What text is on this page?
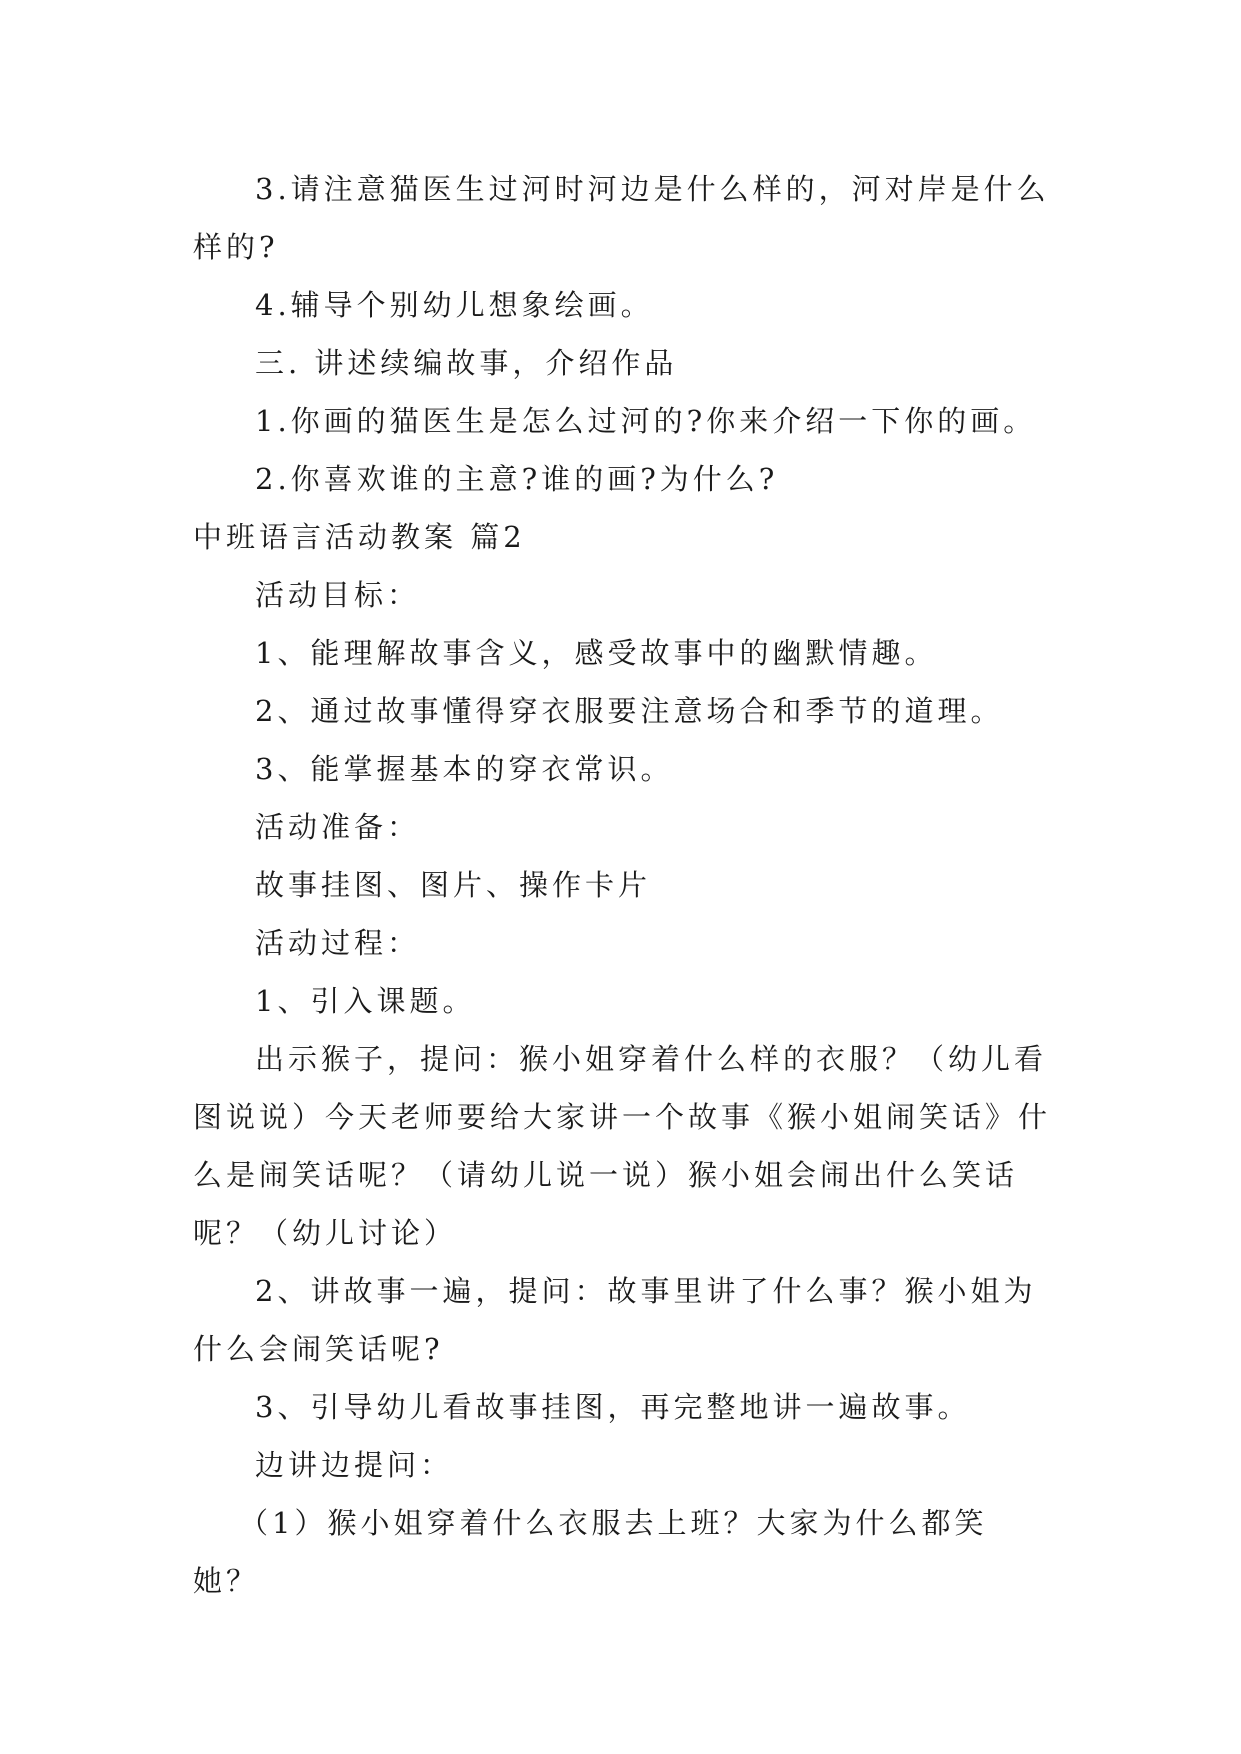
3.请注意猫医生过河时河边是什么样的，河对岸是什么样的?

4.辅导个别幼儿想象绘画。

三. 讲述续编故事，介绍作品

1.你画的猫医生是怎么过河的?你来介绍一下你的画。

2.你喜欢谁的主意?谁的画?为什么?

中班语言活动教案 篇2

活动目标：

1、能理解故事含义，感受故事中的幽默情趣。

2、通过故事懂得穿衣服要注意场合和季节的道理。

3、能掌握基本的穿衣常识。

活动准备：

故事挂图、图片、操作卡片

活动过程：

1、引入课题。

出示猴子，提问：猴小姐穿着什么样的衣服？（幼儿看图说说）今天老师要给大家讲一个故事《猴小姐闹笑话》什么是闹笑话呢？（请幼儿说一说）猴小姐会闹出什么笑话呢？（幼儿讨论）

2、讲故事一遍，提问：故事里讲了什么事？猴小姐为什么会闹笑话呢?

3、引导幼儿看故事挂图，再完整地讲一遍故事。

边讲边提问：

（1）猴小姐穿着什么衣服去上班？大家为什么都笑她？
